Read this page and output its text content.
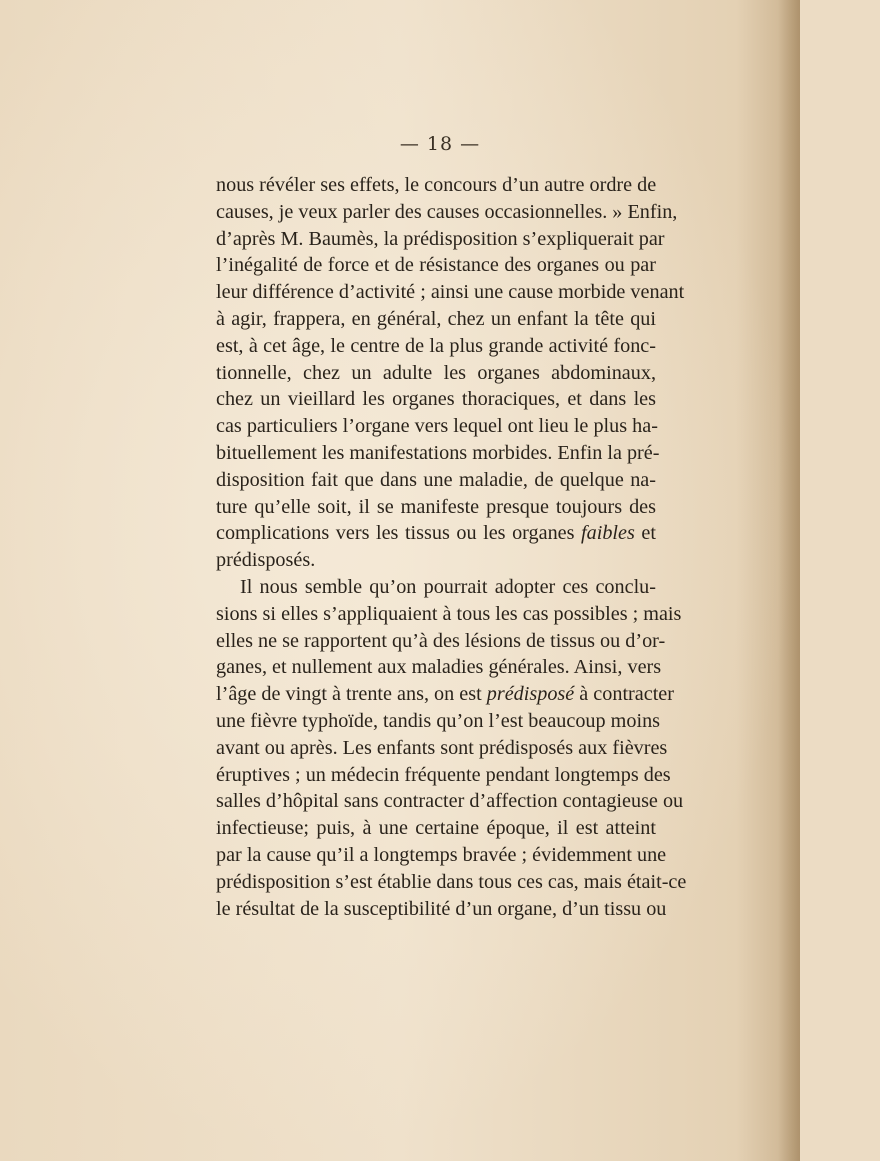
— 18 —
nous révéler ses effets, le concours d’un autre ordre de
causes, je veux parler des causes occasionnelles. » Enfin,
d’après M. Baumès, la prédisposition s’expliquerait par
l’inégalité de force et de résistance des organes ou par
leur différence d’activité ; ainsi une cause morbide venant
à agir, frappera, en général, chez un enfant la tête qui
est, à cet âge, le centre de la plus grande activité fonc-
tionnelle, chez un adulte les organes abdominaux,
chez un vieillard les organes thoraciques, et dans les
cas particuliers l’organe vers lequel ont lieu le plus ha-
bituellement les manifestations morbides. Enfin la pré-
disposition fait que dans une maladie, de quelque na-
ture qu’elle soit, il se manifeste presque toujours des
complications vers les tissus ou les organes faibles et
prédisposés.
Il nous semble qu’on pourrait adopter ces conclu-
sions si elles s’appliquaient à tous les cas possibles ; mais
elles ne se rapportent qu’à des lésions de tissus ou d’or-
ganes, et nullement aux maladies générales. Ainsi, vers
l’âge de vingt à trente ans, on est prédisposé à contracter
une fièvre typhoïde, tandis qu’on l’est beaucoup moins
avant ou après. Les enfants sont prédisposés aux fièvres
éruptives ; un médecin fréquente pendant longtemps des
salles d’hôpital sans contracter d’affection contagieuse ou
infectieuse; puis, à une certaine époque, il est atteint
par la cause qu’il a longtemps bravée ; évidemment une
prédisposition s’est établie dans tous ces cas, mais était-ce
le résultat de la susceptibilité d’un organe, d’un tissu ou
